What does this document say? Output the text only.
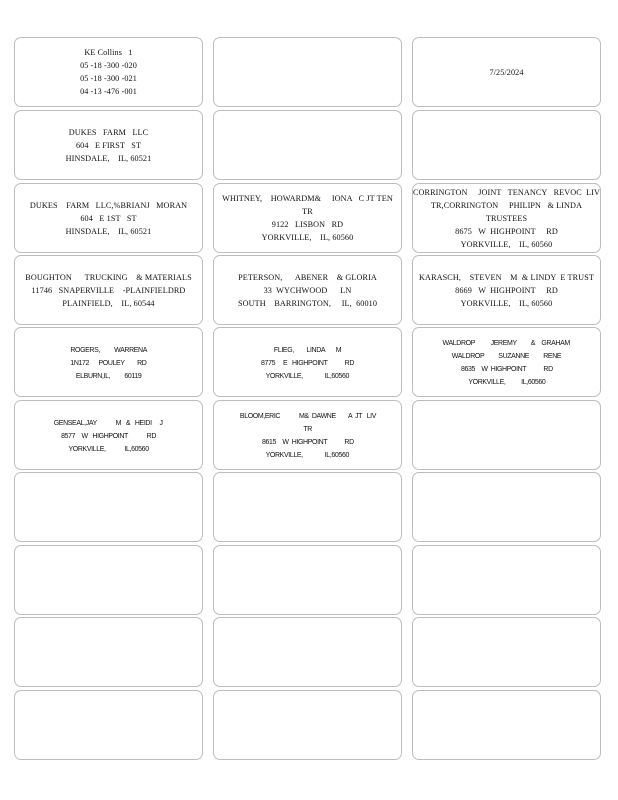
KE Collins   1
05 -18 -300 -020
05 -18 -300 -021
04 -13 -476 -001
7/25/2024
DUKES   FARM   LLC
604   E FIRST   ST
HINSDALE,    IL, 60521
DUKES    FARM   LLC,%BRIANJ   MORAN
604   E 1ST   ST
HINSDALE,    IL, 60521
WHITNEY,    HOWARDM&     IONA   C JT TEN
TR
9122   LISBON   RD
YORKVILLE,    IL, 60560
CORRINGTON     JOINT   TENANCY   REVOC  LIV
TR,CORRINGTON     PHILIPN   & LINDA
TRUSTEES
8675   W  HIGHPOINT     RD
YORKVILLE,    IL, 60560
BOUGHTON      TRUCKING    & MATERIALS
11746   SNAPERVILLE    -PLAINFIELDRD
PLAINFIELD,    IL, 60544
PETERSON,      ABENER    & GLORIA
33  WYCHWOOD      LN
SOUTH    BARRINGTON,     IL,  60010
KARASCH,    STEVEN    M  & LINDY  E TRUST
8669   W  HIGHPOINT     RD
YORKVILLE,    IL, 60560
ROGERS,         WARRENA
1N172      POULEY        RD
ELBURN,IL,         60119
FLIEG,        LINDA       M
8775     E   HIGHPOINT           RD
YORKVILLE,              IL,60560
WALDROP          JEREMY         &    GRAHAM
WALDROP         SUZANNE         RENE
8635    W  HIGHPOINT           RD
YORKVILLE,          IL,60560
GENSEAL,JAY            M   &   HEIDI     J
8577    W   HIGHPOINT            RD
YORKVILLE,            IL,60560
BLOOM,ERIC            M&  DAWNE        A  JT   LIV
TR
8615    W  HIGHPOINT           RD
YORKVILLE,              IL,60560
